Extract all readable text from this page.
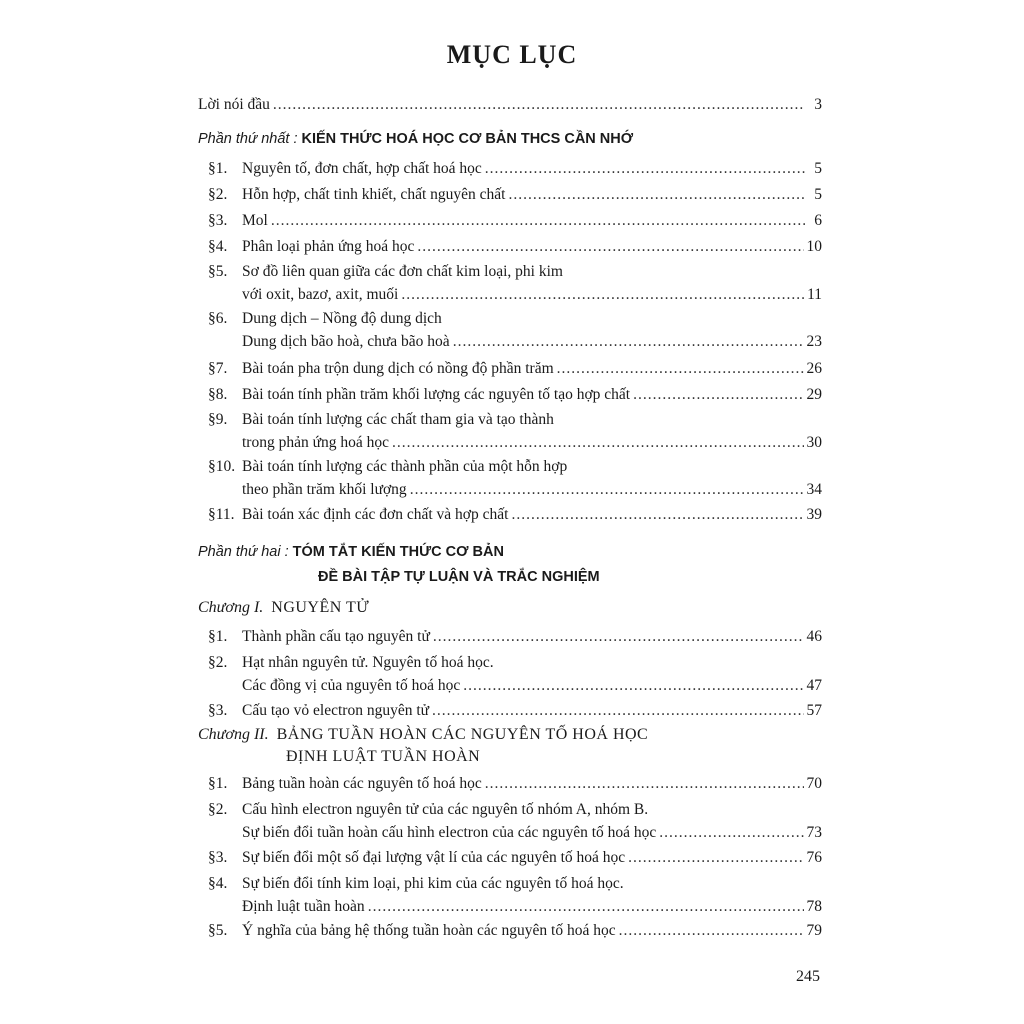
MỤC LỤC
Lời nói đầu .....	3
Phần thứ nhất : KIẾN THỨC HOÁ HỌC CƠ BẢN THCS CẦN NHỚ
§1. Nguyên tố, đơn chất, hợp chất hoá học .....	5
§2. Hỗn hợp, chất tinh khiết, chất nguyên chất .....	5
§3. Mol .....	6
§4. Phân loại phản ứng hoá học .....	10
§5. Sơ đồ liên quan giữa các đơn chất kim loại, phi kim
với oxit, bazơ, axit, muối .....	11
§6. Dung dịch – Nồng độ dung dịch
Dung dịch bão hoà, chưa bão hoà .....	23
§7. Bài toán pha trộn dung dịch có nồng độ phần trăm .....	26
§8. Bài toán tính phần trăm khối lượng các nguyên tố tạo hợp chất .....	29
§9. Bài toán tính lượng các chất tham gia và tạo thành
trong phản ứng hoá học .....	30
§10. Bài toán tính lượng các thành phần của một hỗn hợp
theo phần trăm khối lượng .....	34
§11. Bài toán xác định các đơn chất và hợp chất .....	39
Phần thứ hai : TÓM TẮT KIẾN THỨC CƠ BẢN
ĐỀ BÀI TẬP TỰ LUẬN VÀ TRẮC NGHIỆM
Chương I. NGUYÊN TỬ
§1. Thành phần cấu tạo nguyên tử .....	46
§2. Hạt nhân nguyên tử. Nguyên tố hoá học.
Các đồng vị của nguyên tố hoá học .....	47
§3. Cấu tạo vỏ electron nguyên tử .....	57
Chương II. BẢNG TUẦN HOÀN CÁC NGUYÊN TỐ HOÁ HỌC
ĐỊNH LUẬT TUẦN HOÀN
§1. Bảng tuần hoàn các nguyên tố hoá học .....	70
§2. Cấu hình electron nguyên tử của các nguyên tố nhóm A, nhóm B.
Sự biến đổi tuần hoàn cấu hình electron của các nguyên tố hoá học .....	73
§3. Sự biến đổi một số đại lượng vật lí của các nguyên tố hoá học .....	76
§4. Sự biến đổi tính kim loại, phi kim của các nguyên tố hoá học.
Định luật tuần hoàn .....	78
§5. Ý nghĩa của bảng hệ thống tuần hoàn các nguyên tố hoá học .....	79
245
